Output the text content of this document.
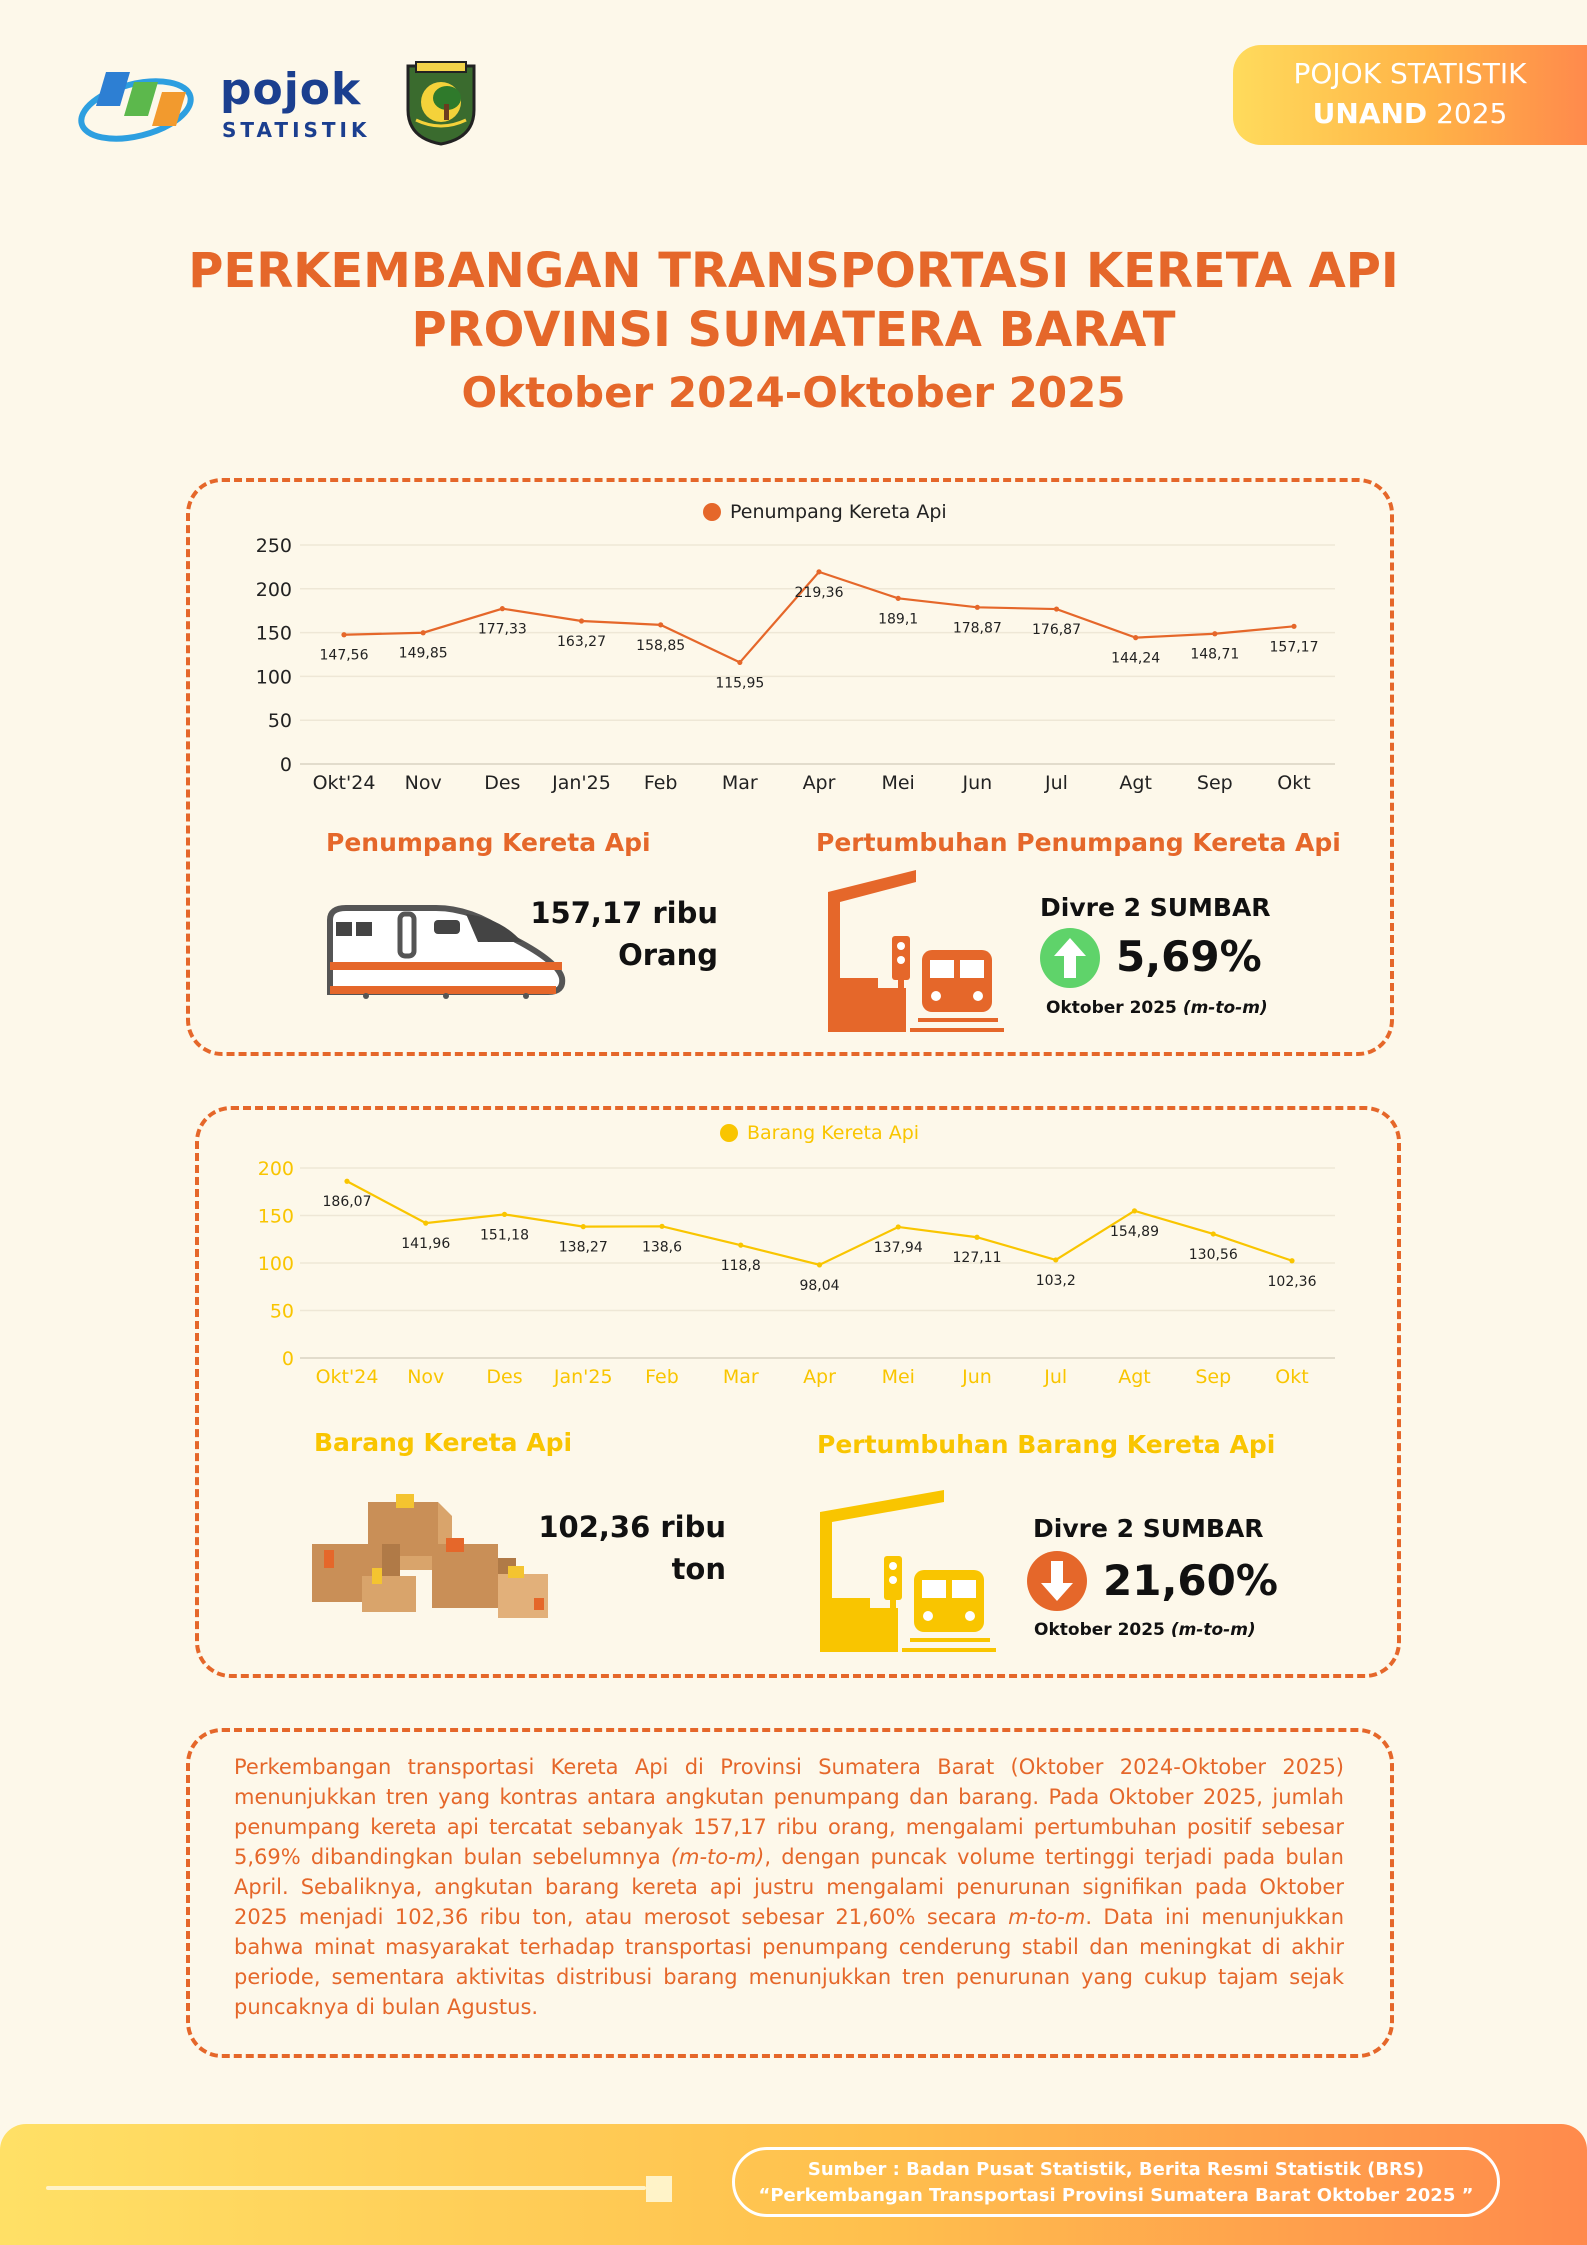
pojok
STATISTIK
POJOK STATISTIK
UNAND 2025
PERKEMBANGAN TRANSPORTASI KERETA API
PROVINSI SUMATERA BARAT
Oktober 2024-Oktober 2025
0
50
100
150
200
250
Okt'24 Nov Des Jan'25 Feb Mar Apr Mei	Jun	Jul	Agt Sep Okt
147,56 149,85
177,33
163,27 158,85
115,95
219,36
189,1
178,87 176,87
144,24 148,71 157,17
Penumpang Kereta Api
Penumpang Kereta Api
157,17 ribu
Orang
Pertumbuhan Penumpang Kereta Api
Divre 2 SUMBAR
5,69%
Oktober 2025 (m-to-m)
0
50
100
150
200
Okt'24 Nov Des Jan'25 Feb Mar Apr Mei Jun	Jul	Agt Sep Okt
186,07
141,96
151,18
138,27 138,6
118,8
98,04
137,94
127,11
103,2
154,89
130,56
102,36
Barang Kereta Api
Barang Kereta Api
102,36 ribu
ton
Pertumbuhan Barang Kereta Api
Divre 2 SUMBAR
21,60%
Oktober 2025 (m-to-m)
Perkembangan transportasi Kereta Api di Provinsi Sumatera Barat (Oktober 2024-Oktober 2025) menunjukkan tren yang kontras antara angkutan penumpang dan barang. Pada Oktober 2025, jumlah penumpang kereta api tercatat sebanyak 157,17 ribu orang, mengalami pertumbuhan positif sebesar 5,69% dibandingkan bulan sebelumnya (m-to-m), dengan puncak volume tertinggi terjadi pada bulan April. Sebaliknya, angkutan barang kereta api justru mengalami penurunan signifikan pada Oktober 2025 menjadi 102,36 ribu ton, atau merosot sebesar 21,60% secara m-to-m. Data ini menunjukkan bahwa minat masyarakat terhadap transportasi penumpang cenderung stabil dan meningkat di akhir periode, sementara aktivitas distribusi barang menunjukkan tren penurunan yang cukup tajam sejak puncaknya di bulan Agustus.
Sumber : Badan Pusat Statistik, Berita Resmi Statistik (BRS)
“Perkembangan Transportasi Provinsi Sumatera Barat Oktober 2025 ”
